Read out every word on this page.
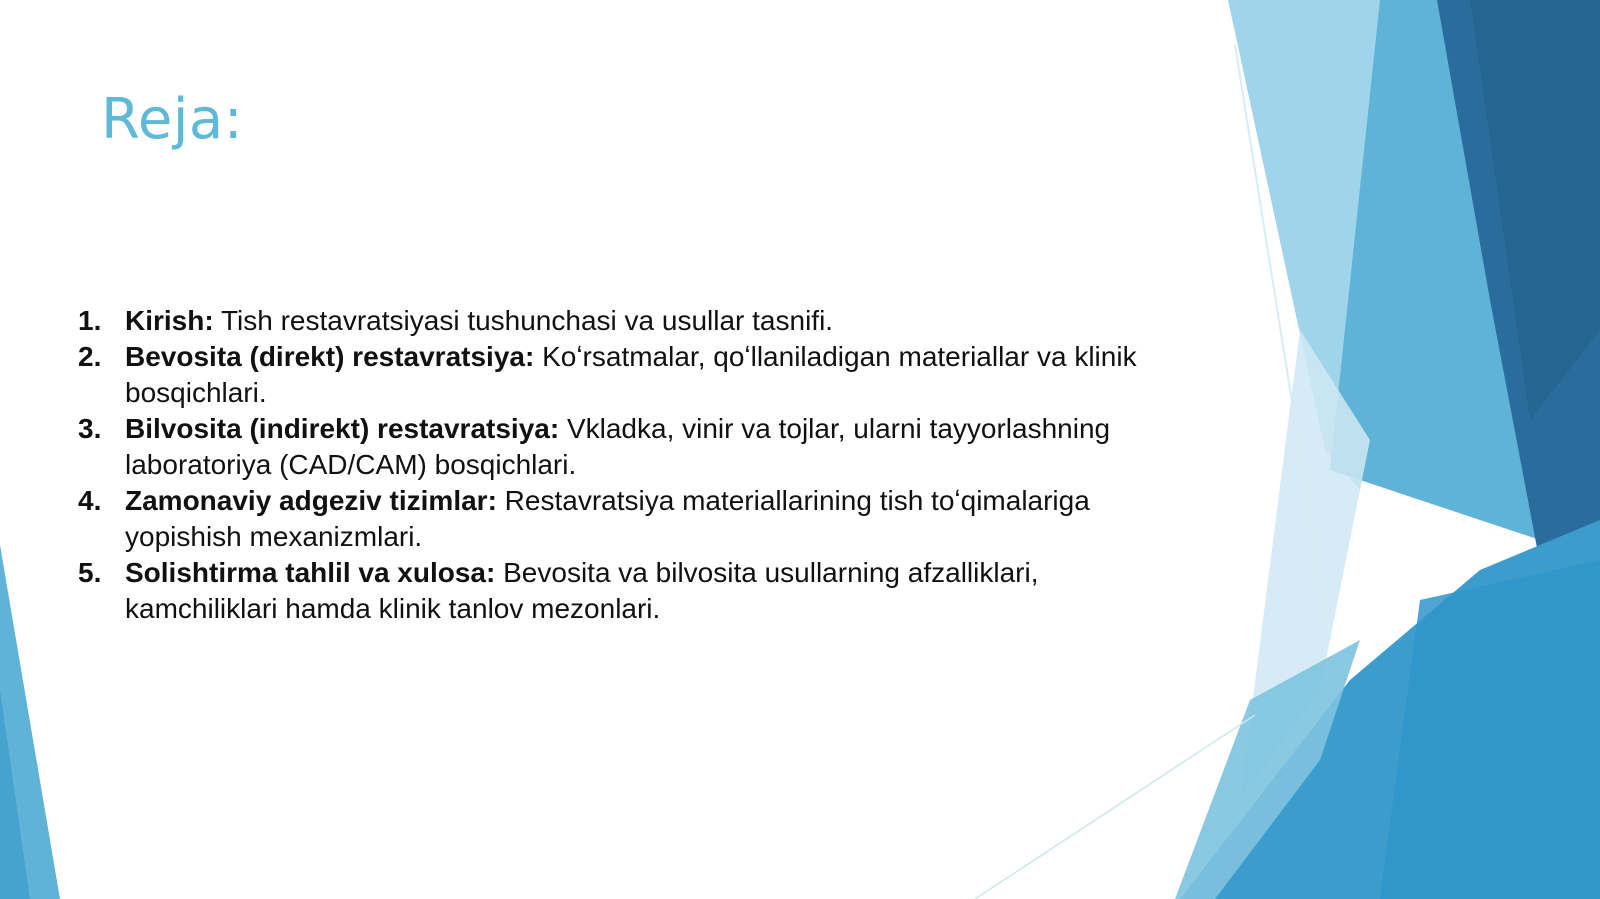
Reja:
1. Kirish: Tish restavratsiyasi tushunchasi va usullar tasnifi.
2. Bevosita (direkt) restavratsiya: Koʻrsatmalar, qoʻllaniladigan materiallar va klinik bosqichlari.
3. Bilvosita (indirekt) restavratsiya: Vkladka, vinir va tojlar, ularni tayyorlashning laboratoriya (CAD/CAM) bosqichlari.
4. Zamonaviy adgeziv tizimlar: Restavratsiya materiallarining tish toʻqimalariga yopishish mexanizmlari.
5. Solishtirma tahlil va xulosa: Bevosita va bilvosita usullarning afzalliklari, kamchiliklari hamda klinik tanlov mezonlari.
